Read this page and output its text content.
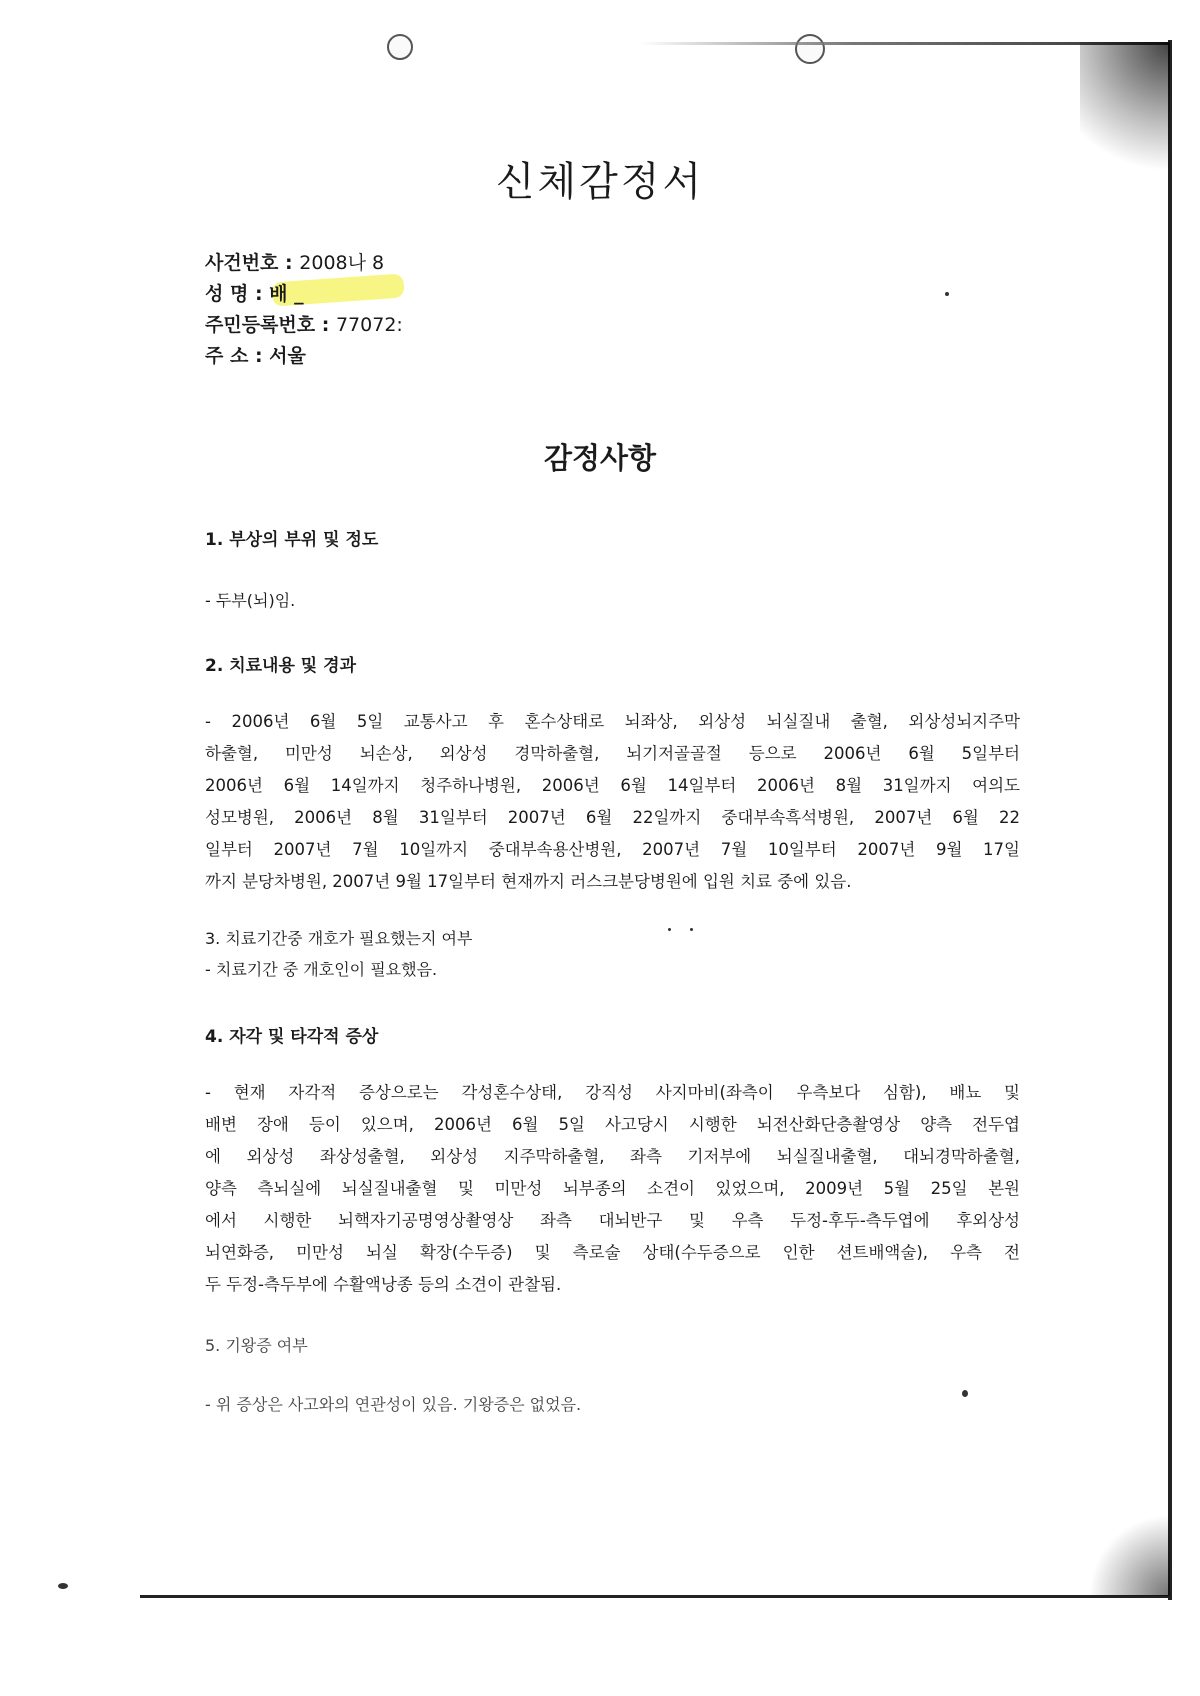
신체감정서
사건번호 : 2008나 8
성 명 : 배 _
주민등록번호 : 77072:
주 소 : 서울
감정사항
1. 부상의 부위 및 정도
- 두부(뇌)임.
2. 치료내용 및 경과
- 2006년 6월 5일 교통사고 후 혼수상태로 뇌좌상, 외상성 뇌실질내 출혈, 외상성뇌지주막
하출혈, 미만성 뇌손상, 외상성 경막하출혈, 뇌기저골골절 등으로 2006년 6월 5일부터
2006년 6월 14일까지 청주하나병원, 2006년 6월 14일부터 2006년 8월 31일까지 여의도
성모병원, 2006년 8월 31일부터 2007년 6월 22일까지 중대부속흑석병원, 2007년 6월 22
일부터 2007년 7월 10일까지 중대부속용산병원, 2007년 7월 10일부터 2007년 9월 17일
까지 분당차병원, 2007년 9월 17일부터 현재까지 러스크분당병원에 입원 치료 중에 있음.
3. 치료기간중 개호가 필요했는지 여부
- 치료기간 중 개호인이 필요했음.
4. 자각 및 타각적 증상
- 현재 자각적 증상으로는 각성혼수상태, 강직성 사지마비(좌측이 우측보다 심함), 배뇨 및
배변 장애 등이 있으며, 2006년 6월 5일 사고당시 시행한 뇌전산화단층촬영상 양측 전두엽
에 외상성 좌상성출혈, 외상성 지주막하출혈, 좌측 기저부에 뇌실질내출혈, 대뇌경막하출혈,
양측 측뇌실에 뇌실질내출혈 및 미만성 뇌부종의 소견이 있었으며, 2009년 5월 25일 본원
에서 시행한 뇌핵자기공명영상촬영상 좌측 대뇌반구 및 우측 두정-후두-측두엽에 후외상성
뇌연화증, 미만성 뇌실 확장(수두증) 및 측로술 상태(수두증으로 인한 션트배액술), 우측 전
두 두정-측두부에 수활액낭종 등의 소견이 관찰됨.
5. 기왕증 여부
- 위 증상은 사고와의 연관성이 있음. 기왕증은 없었음.
